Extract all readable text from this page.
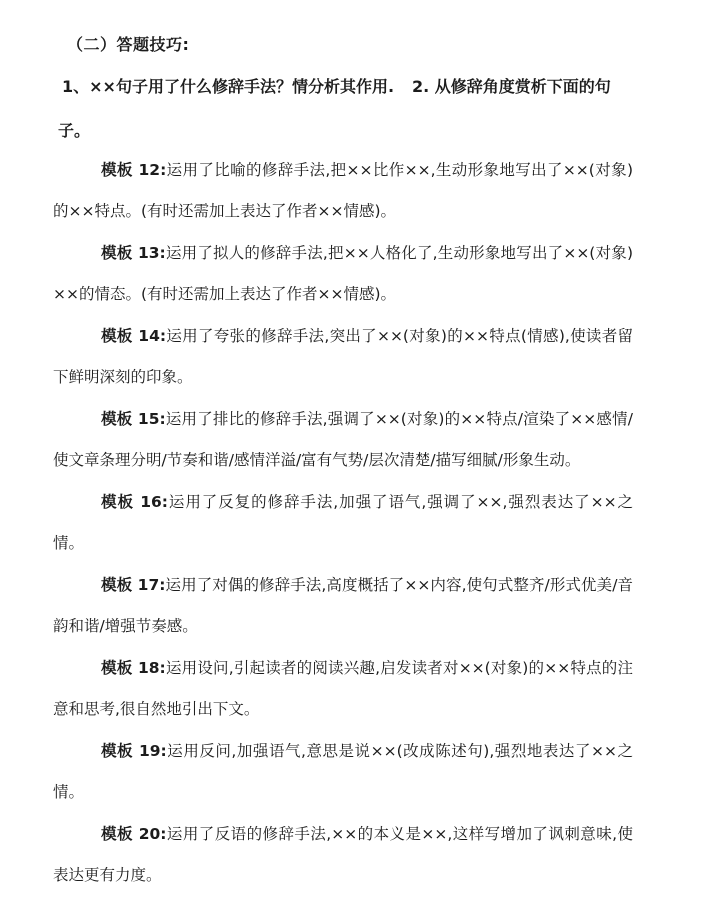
（二）答题技巧:
1、××句子用了什么修辞手法？情分析其作用. 2. 从修辞角度赏析下面的句
子。
模板 12:运用了比喻的修辞手法,把××比作××,生动形象地写出了××(对象)的××特点。(有时还需加上表达了作者××情感)。
模板 13:运用了拟人的修辞手法,把××人格化了,生动形象地写出了××(对象)××的情态。(有时还需加上表达了作者××情感)。
模板 14:运用了夸张的修辞手法,突出了××(对象)的××特点(情感),使读者留下鲜明深刻的印象。
模板 15:运用了排比的修辞手法,强调了××(对象)的××特点/渲染了××感情/使文章条理分明/节奏和谐/感情洋溢/富有气势/层次清楚/描写细腻/形象生动。
模板 16:运用了反复的修辞手法,加强了语气,强调了××,强烈表达了××之情。
模板 17:运用了对偶的修辞手法,高度概括了××内容,使句式整齐/形式优美/音韵和谐/增强节奏感。
模板 18:运用设问,引起读者的阅读兴趣,启发读者对××(对象)的××特点的注意和思考,很自然地引出下文。
模板 19:运用反问,加强语气,意思是说××(改成陈述句),强烈地表达了××之情。
模板 20:运用了反语的修辞手法,××的本义是××,这样写增加了讽刺意味,使表达更有力度。
